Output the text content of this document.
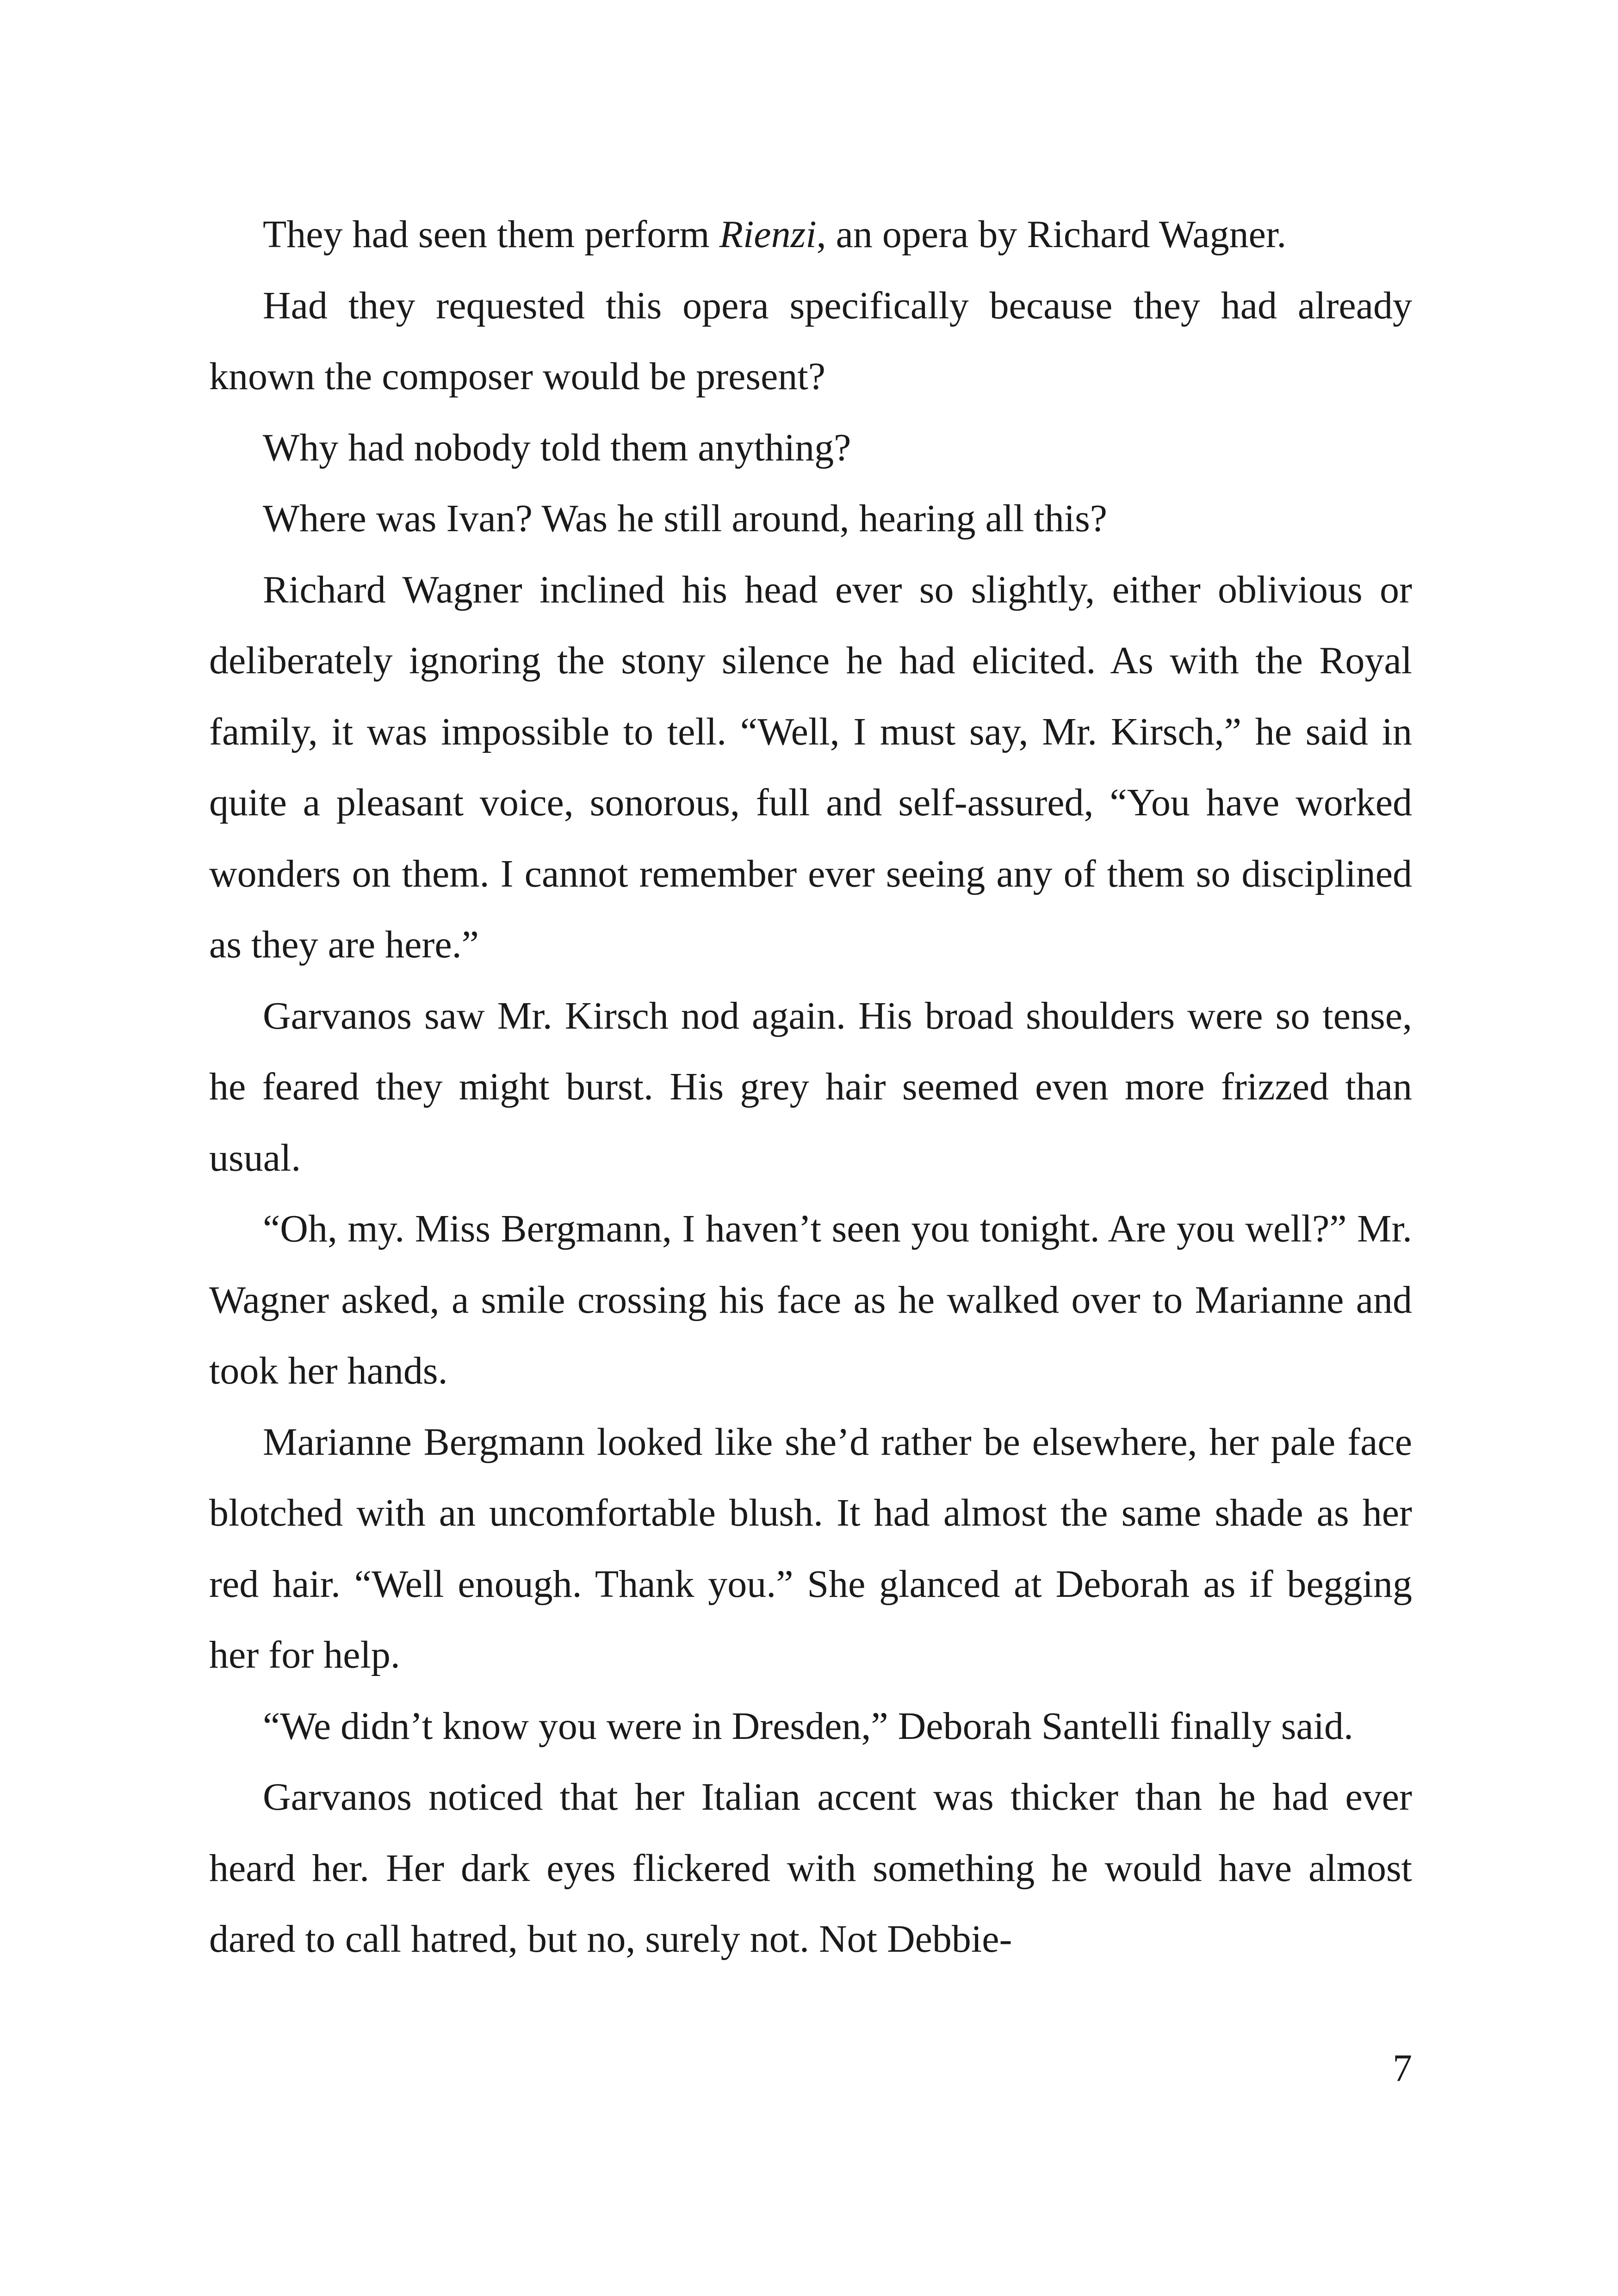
They had seen them perform Rienzi, an opera by Richard Wagner.

Had they requested this opera specifically because they had already known the composer would be present?

Why had nobody told them anything?

Where was Ivan? Was he still around, hearing all this?

Richard Wagner inclined his head ever so slightly, either oblivious or deliberately ignoring the stony silence he had elicited. As with the Royal family, it was impossible to tell. “Well, I must say, Mr. Kirsch,” he said in quite a pleasant voice, sonorous, full and self-assured, “You have worked wonders on them. I cannot remember ever seeing any of them so disciplined as they are here.”

Garvanos saw Mr. Kirsch nod again. His broad shoulders were so tense, he feared they might burst. His grey hair seemed even more frizzed than usual.

“Oh, my. Miss Bergmann, I haven’t seen you tonight. Are you well?” Mr. Wagner asked, a smile crossing his face as he walked over to Marianne and took her hands.

Marianne Bergmann looked like she’d rather be elsewhere, her pale face blotched with an uncomfortable blush. It had almost the same shade as her red hair. “Well enough. Thank you.” She glanced at Deborah as if begging her for help.

“We didn’t know you were in Dresden,” Deborah Santelli finally said.

Garvanos noticed that her Italian accent was thicker than he had ever heard her. Her dark eyes flickered with something he would have almost dared to call hatred, but no, surely not. Not Debbie-

7
